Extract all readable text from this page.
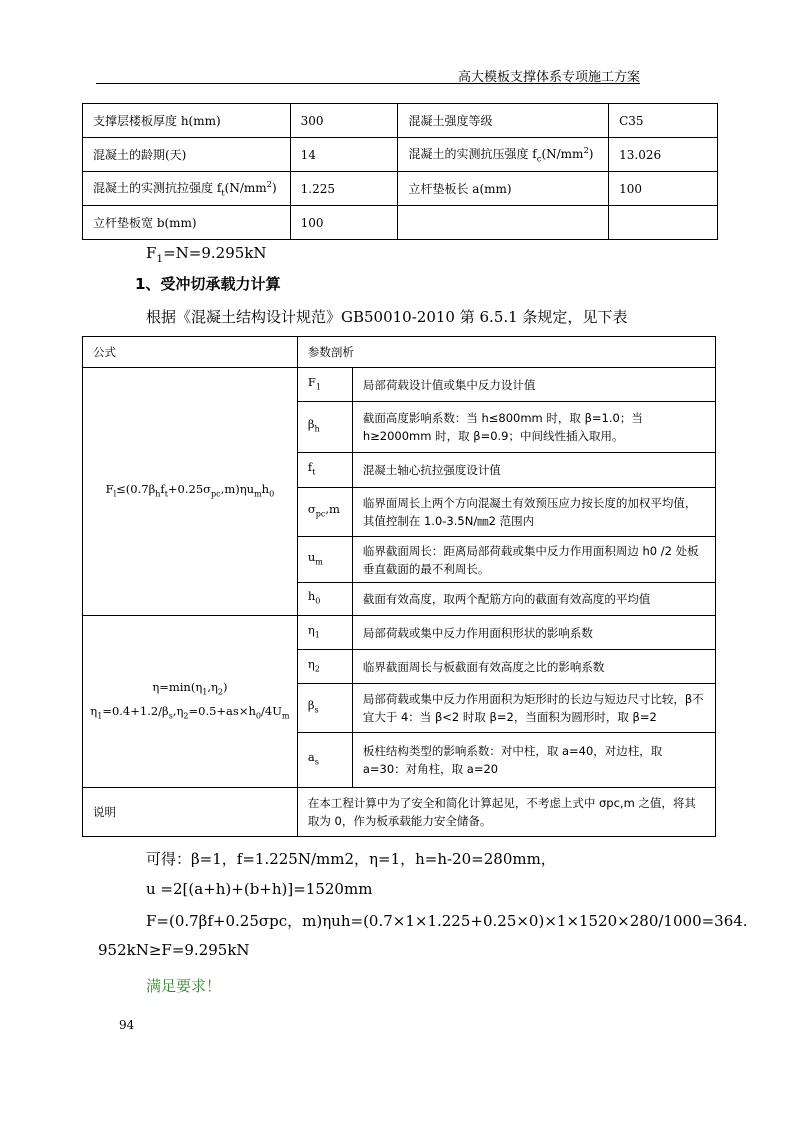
高大模板支撑体系专项施工方案
支撑层楼板厚度 h(mm)	300	混凝土强度等级	C35
混凝土的龄期(天)	14	混凝土的实测抗压强度 $f_c(N/mm^2)$	13.026
混凝土的实测抗拉强度 $f_t(N/mm^2)$	1.225	立杆垫板长 a(mm)	100
立杆垫板宽 b(mm)	100		
$F_1=N=9.295kN$
1、受冲切承载力计算
根据《混凝土结构设计规范》GB50010-2010 第 6.5.1 条规定，见下表
公式	参数剖析	
$F_l\le(0.7\beta_hf_t+0.25\sigma_{pc},m)\eta u_mh_0$	$F_1$	局部荷载设计值或集中反力设计值
	$\beta_h$	截面高度影响系数：当 h≤800mm 时，取 β=1.0；当 h≥2000mm 时，取 β=0.9；中间线性插入取用。
	$f_t$	混凝土轴心抗拉强度设计值
	$\sigma_{pc},m$	临界面周长上两个方向混凝土有效预压应力按长度的加权平均值，其值控制在 1.0-3.5N/㎜2 范围内
	$u_m$	临界截面周长：距离局部荷载或集中反力作用面积周边 h0 /2 处板垂直截面的最不利周长。
	$h_0$	截面有效高度，取两个配筋方向的截面有效高度的平均值
$\eta=\min(\eta_1,\eta_2)$
$\eta_1=0.4+1.2/\beta_s,\eta_2=0.5+as\times h_0/4U_m$	$\eta_1$	局部荷载或集中反力作用面积形状的影响系数
	$\eta_2$	临界截面周长与板截面有效高度之比的影响系数
	$\beta_s$	局部荷载或集中反力作用面积为矩形时的长边与短边尺寸比较，β不宜大于 4：当 β<2 时取 β=2，当面积为圆形时，取 β=2
	$a_s$	板柱结构类型的影响系数：对中柱，取 a=40，对边柱，取 a=30：对角柱，取 a=20
说明	在本工程计算中为了安全和简化计算起见，不考虑上式中 σpc,m 之值，将其取为 0，作为板承载能力安全储备。	
可得：β=1，f=1.225N/mm2，η=1，h=h-20=280mm，
u =2[(a+h)+(b+h)]=1520mm
F=(0.7βf+0.25σpc，m)ηuh=(0.7×1×1.225+0.25×0)×1×1520×280/1000=364.
952kN≥F=9.295kN
满足要求！
94
